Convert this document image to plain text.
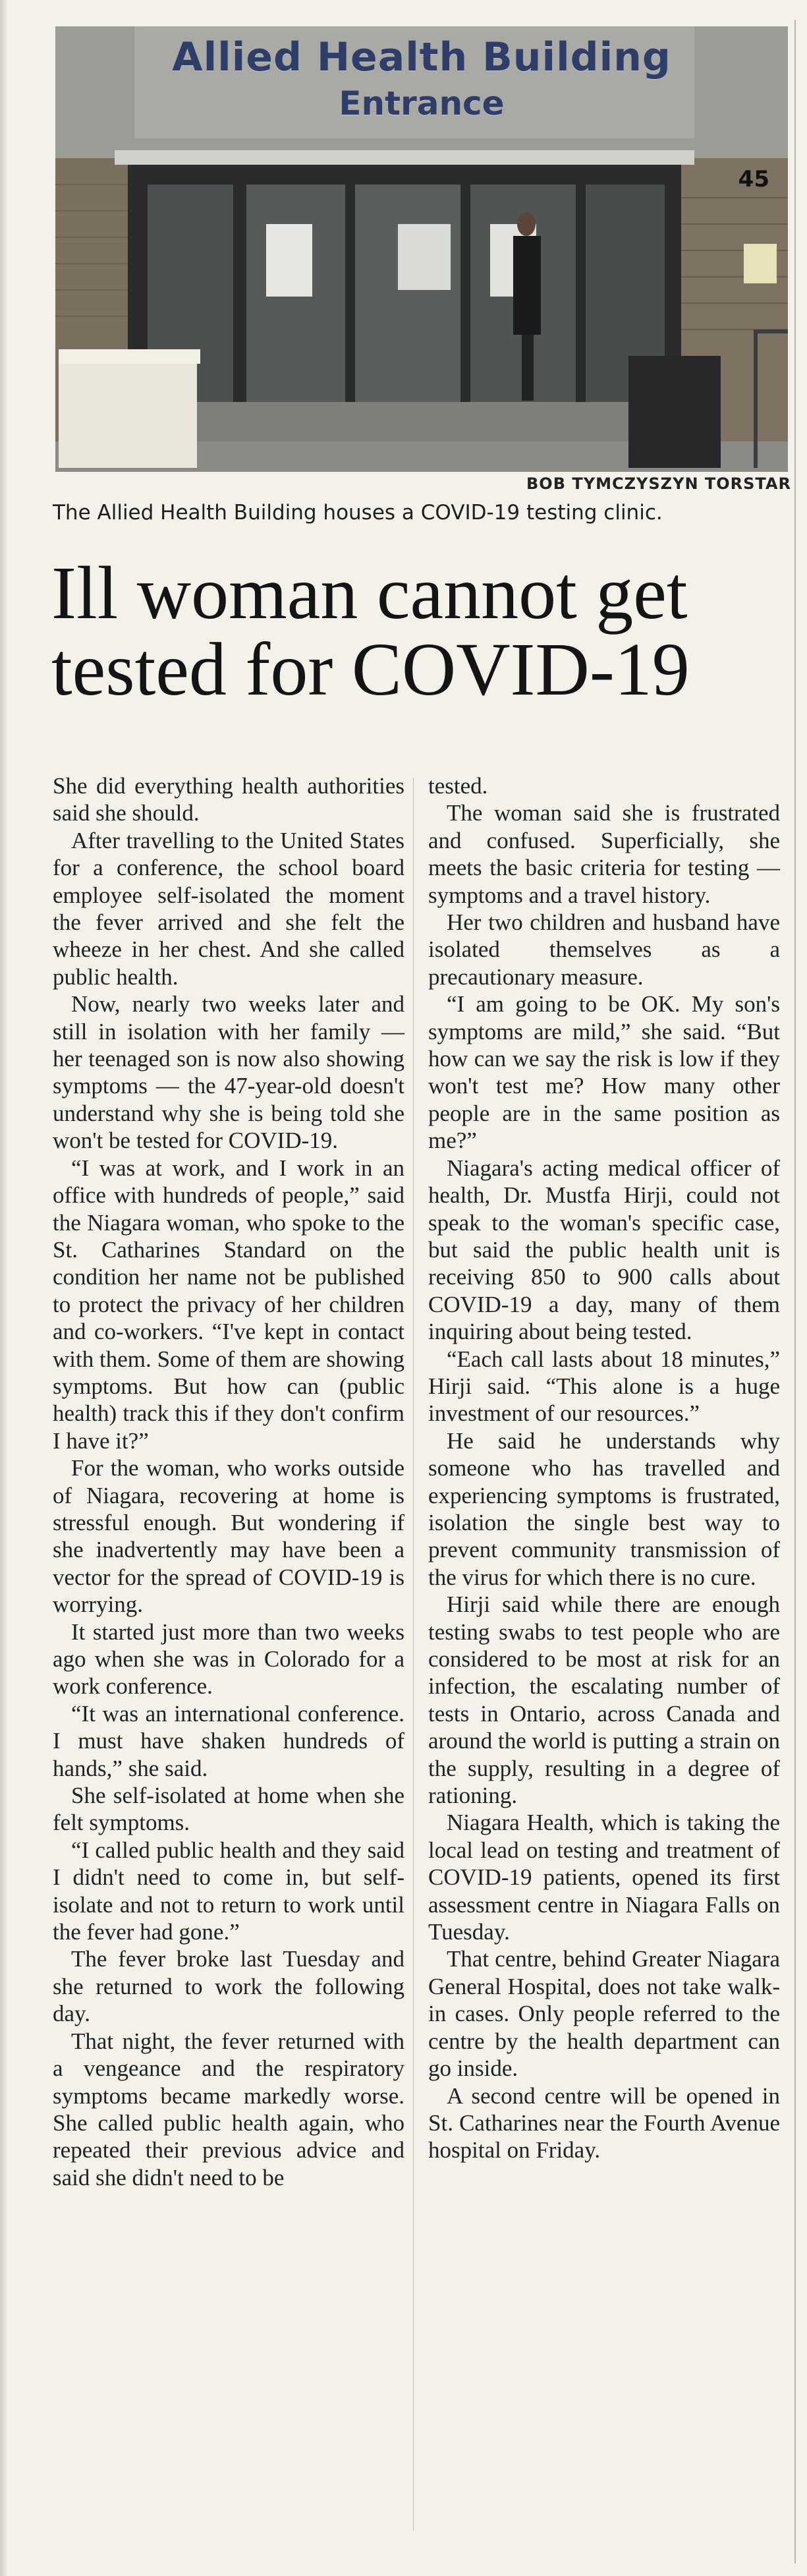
Allied Health Building
Entrance
45
BOB TYMCZYSZYN TORSTAR
The Allied Health Building houses a COVID-19 testing clinic.
Ill woman cannot get tested for COVID-19

She did everything health authorities said she should.

After travelling to the United States for a conference, the school board employee self-isolated the moment the fever arrived and she felt the wheeze in her chest. And she called public health.

Now, nearly two weeks later and still in isolation with her family — her teenaged son is now also showing symptoms — the 47-year-old doesn't understand why she is being told she won't be tested for COVID-19.

“I was at work, and I work in an office with hundreds of people,” said the Niagara woman, who spoke to the St. Catharines Standard on the condition her name not be published to protect the privacy of her children and co-workers. “I've kept in contact with them. Some of them are showing symptoms. But how can (public health) track this if they don't confirm I have it?”

For the woman, who works outside of Niagara, recovering at home is stressful enough. But wondering if she inadvertently may have been a vector for the spread of COVID-19 is worrying.

It started just more than two weeks ago when she was in Colorado for a work conference.

“It was an international conference. I must have shaken hundreds of hands,” she said.

She self-isolated at home when she felt symptoms.

“I called public health and they said I didn't need to come in, but self-isolate and not to return to work until the fever had gone.”

The fever broke last Tuesday and she returned to work the following day.

That night, the fever returned with a vengeance and the respiratory symptoms became markedly worse. She called public health again, who repeated their previous advice and said she didn't need to be

tested.

The woman said she is frustrated and confused. Superficially, she meets the basic criteria for testing — symptoms and a travel history.

Her two children and husband have isolated themselves as a precautionary measure.

“I am going to be OK. My son's symptoms are mild,” she said. “But how can we say the risk is low if they won't test me? How many other people are in the same position as me?”

Niagara's acting medical officer of health, Dr. Mustfa Hirji, could not speak to the woman's specific case, but said the public health unit is receiving 850 to 900 calls about COVID-19 a day, many of them inquiring about being tested.

“Each call lasts about 18 minutes,” Hirji said. “This alone is a huge investment of our resources.”

He said he understands why someone who has travelled and experiencing symptoms is frustrated, isolation the single best way to prevent community transmission of the virus for which there is no cure.

Hirji said while there are enough testing swabs to test people who are considered to be most at risk for an infection, the escalating number of tests in Ontario, across Canada and around the world is putting a strain on the supply, resulting in a degree of rationing.

Niagara Health, which is taking the local lead on testing and treatment of COVID-19 patients, opened its first assessment centre in Niagara Falls on Tuesday.

That centre, behind Greater Niagara General Hospital, does not take walk-in cases. Only people referred to the centre by the health department can go inside.

A second centre will be opened in St. Catharines near the Fourth Avenue hospital on Friday.
